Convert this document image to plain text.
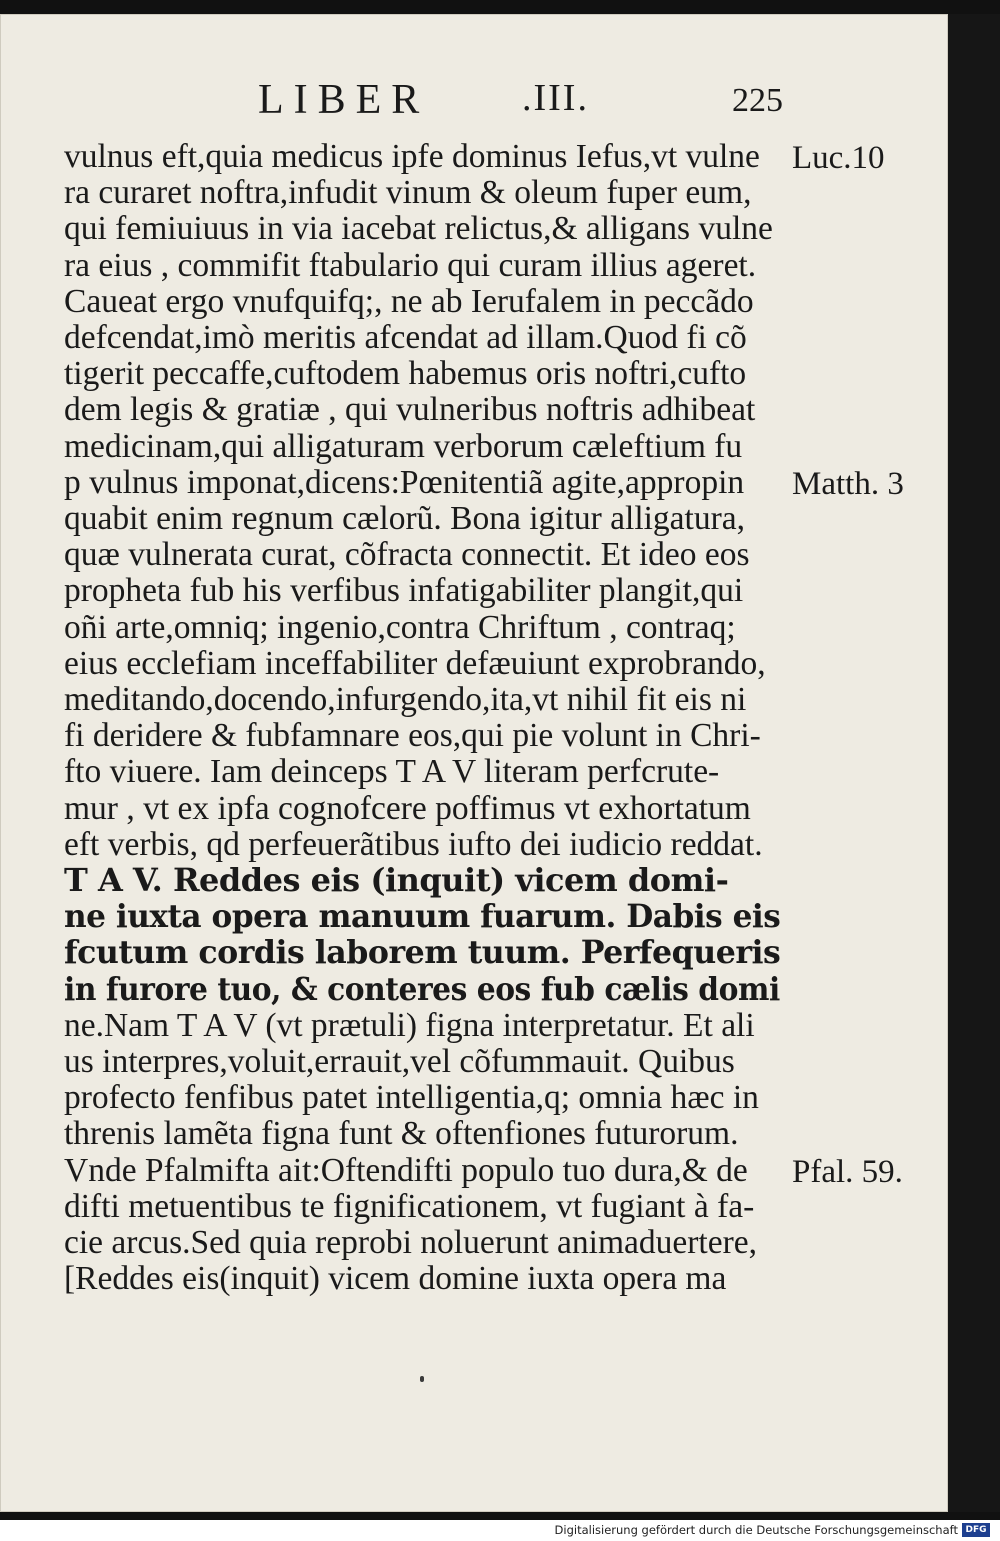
LIBER .III.	225
vulnus eft,quia medicus ipfe dominus Iefus,vt vulne
ra curaret noftra,infudit vinum & oleum fuper eum,
qui femiuiuus in via iacebat relictus,& alligans vulne
ra eius , commifit ftabulario qui curam illius ageret.
Caueat ergo vnufquifq;, ne ab Ierufalem in peccãdo
defcendat,imò meritis afcendat ad illam.Quod fi cõ
tigerit peccaffe,cuftodem habemus oris noftri,cufto
dem legis & gratiæ , qui vulneribus noftris adhibeat
medicinam,qui alligaturam verborum cæleftium fu
p vulnus imponat,dicens:Pœnitentiã agite,appropin
quabit enim regnum cælorũ. Bona igitur alligatura,
quæ vulnerata curat, cõfracta connectit. Et ideo eos
propheta fub his verfibus infatigabiliter plangit,qui
oñi arte,omniq; ingenio,contra Chriftum , contraq;
eius ecclefiam inceffabiliter defæuiunt exprobrando,
meditando,docendo,infurgendo,ita,vt nihil fit eis ni
fi deridere & fubfamnare eos,qui pie volunt in Chri-
fto viuere. Iam deinceps T A V literam perfcrute-
mur , vt ex ipfa cognofcere poffimus vt exhortatum
eft verbis, qd perfeuerãtibus iufto dei iudicio reddat.
T A V. Reddes eis (inquit) vicem domi-
ne iuxta opera manuum fuarum. Dabis eis
fcutum cordis laborem tuum. Perfequeris
in furore tuo, & conteres eos fub cælis domi
ne.Nam T A V (vt prætuli) figna interpretatur. Et ali
us interpres,voluit,errauit,vel cõfummauit. Quibus
profecto fenfibus patet intelligentia,q; omnia hæc in
threnis lamẽta figna funt & oftenfiones futurorum.
Vnde Pfalmifta ait:Oftendifti populo tuo dura,& de
difti metuentibus te fignificationem, vt fugiant à fa-
cie arcus.Sed quia reprobi noluerunt animaduertere,
[Reddes eis(inquit) vicem domine iuxta opera ma
Luc.10
Matth. 3
Pfal. 59.
Digitalisierung gefördert durch die Deutsche Forschungsgemeinschaft DFG
